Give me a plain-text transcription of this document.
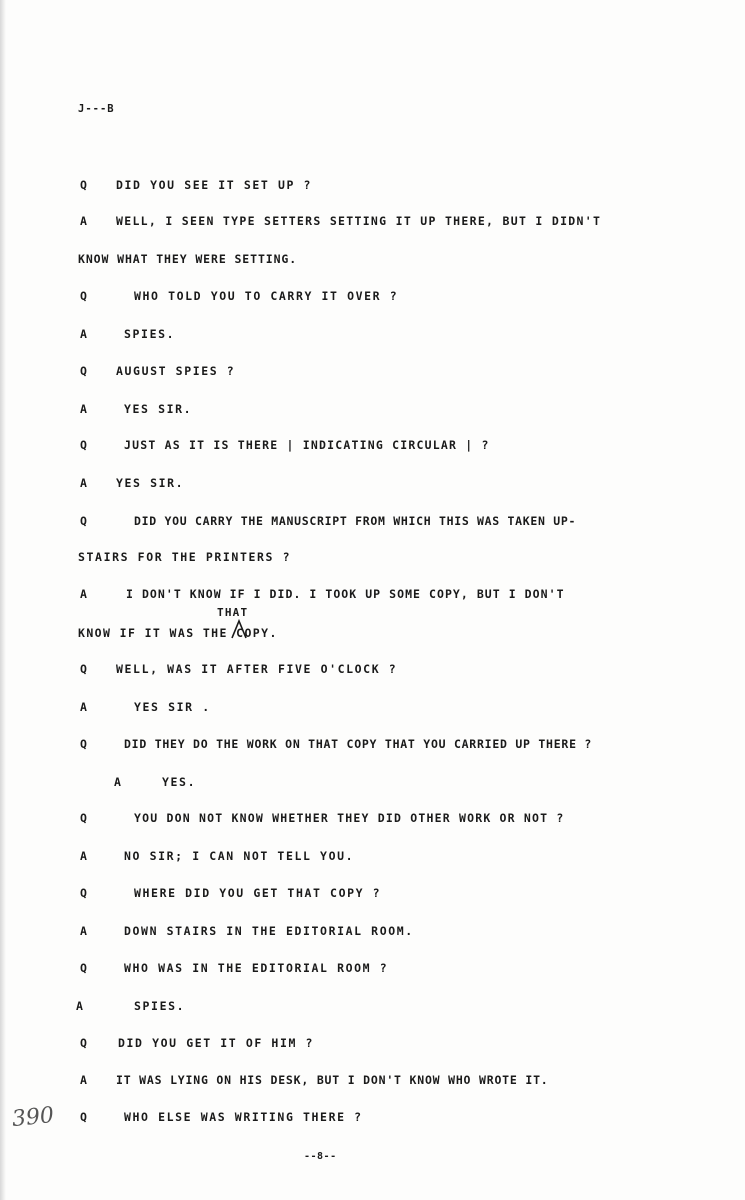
J---B
Q	DID YOU SEE IT SET UP ?
A	WELL, I SEEN TYPE SETTERS SETTING IT UP THERE, BUT I DIDN'T
KNOW WHAT THEY WERE SETTING.
Q	WHO TOLD YOU TO CARRY IT OVER ?
A	SPIES.
Q	AUGUST SPIES ?
A	YES SIR.
Q	JUST AS IT IS THERE | INDICATING CIRCULAR | ?
A	YES SIR.
Q	DID YOU CARRY THE MANUSCRIPT FROM WHICH THIS WAS TAKEN UP-
STAIRS FOR THE PRINTERS ?
A	I DON'T KNOW IF I DID. I TOOK UP SOME COPY, BUT I DON'T
THAT
KNOW IF IT WAS THE COPY.
Q	WELL, WAS IT AFTER FIVE O'CLOCK ?
A	YES SIR .
Q	DID THEY DO THE WORK ON THAT COPY THAT YOU CARRIED UP THERE ?
A	YES.
Q	YOU DON NOT KNOW WHETHER THEY DID OTHER WORK OR NOT ?
A	NO SIR; I CAN NOT TELL YOU.
Q	WHERE DID YOU GET THAT COPY ?
A	DOWN STAIRS IN THE EDITORIAL ROOM.
Q	WHO WAS IN THE EDITORIAL ROOM ?
A	SPIES.
Q	DID YOU GET IT OF HIM ?
A	IT WAS LYING ON HIS DESK, BUT I DON'T KNOW WHO WROTE IT.
Q	WHO ELSE WAS WRITING THERE ?
390
--8--
